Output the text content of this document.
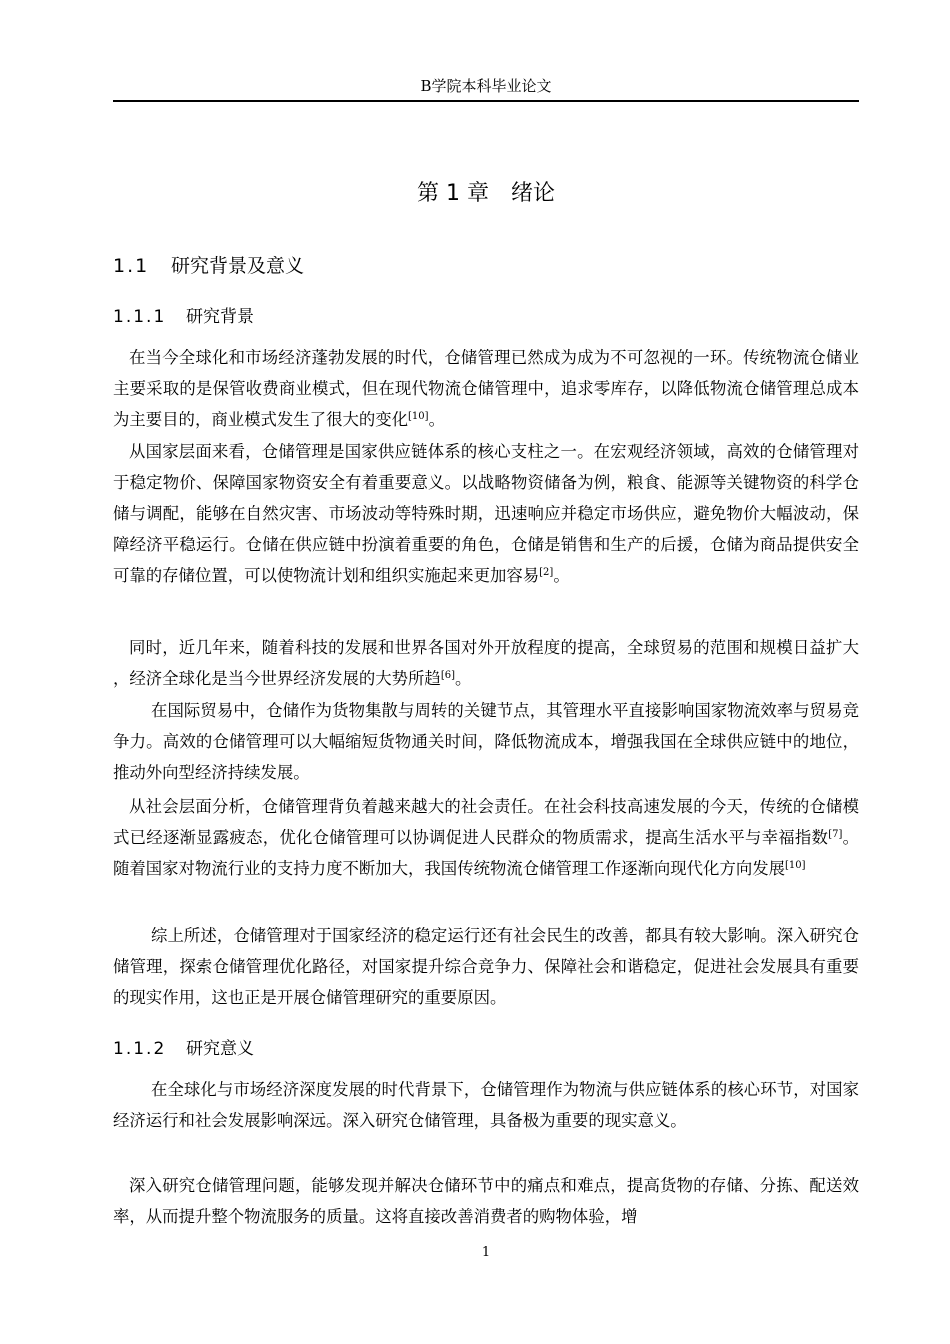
B学院本科毕业论文
第 1 章　绪论
1.1 研究背景及意义
1.1.1 研究背景

在当今全球化和市场经济蓬勃发展的时代，仓储管理已然成为成为不可忽视的一环。传统物流仓储业主要采取的是保管收费商业模式，但在现代物流仓储管理中，追求零库存，以降低物流仓储管理总成本为主要目的，商业模式发生了很大的变化[10]。

从国家层面来看，仓储管理是国家供应链体系的核心支柱之一。在宏观经济领域，高效的仓储管理对于稳定物价、保障国家物资安全有着重要意义。以战略物资储备为例，粮食、能源等关键物资的科学仓储与调配，能够在自然灾害、市场波动等特殊时期，迅速响应并稳定市场供应，避免物价大幅波动，保障经济平稳运行。仓储在供应链中扮演着重要的角色，仓储是销售和生产的后援，仓储为商品提供安全可靠的存储位置，可以使物流计划和组织实施起来更加容易[2]。

同时，近几年来，随着科技的发展和世界各国对外开放程度的提高，全球贸易的范围和规模日益扩大，经济全球化是当今世界经济发展的大势所趋[6]。

在国际贸易中，仓储作为货物集散与周转的关键节点，其管理水平直接影响国家物流效率与贸易竞争力。高效的仓储管理可以大幅缩短货物通关时间，降低物流成本，增强我国在全球供应链中的地位，推动外向型经济持续发展。

从社会层面分析，仓储管理背负着越来越大的社会责任。在社会科技高速发展的今天，传统的仓储模式已经逐渐显露疲态，优化仓储管理可以协调促进人民群众的物质需求，提高生活水平与幸福指数[7]。随着国家对物流行业的支持力度不断加大，我国传统物流仓储管理工作逐渐向现代化方向发展[10]

综上所述，仓储管理对于国家经济的稳定运行还有社会民生的改善，都具有较大影响。深入研究仓储管理，探索仓储管理优化路径，对国家提升综合竞争力、保障社会和谐稳定，促进社会发展具有重要的现实作用，这也正是开展仓储管理研究的重要原因。

1.1.2 研究意义

在全球化与市场经济深度发展的时代背景下，仓储管理作为物流与供应链体系的核心环节，对国家经济运行和社会发展影响深远。深入研究仓储管理，具备极为重要的现实意义。

深入研究仓储管理问题，能够发现并解决仓储环节中的痛点和难点，提高货物的存储、分拣、配送效率，从而提升整个物流服务的质量。这将直接改善消费者的购物体验，增

1
